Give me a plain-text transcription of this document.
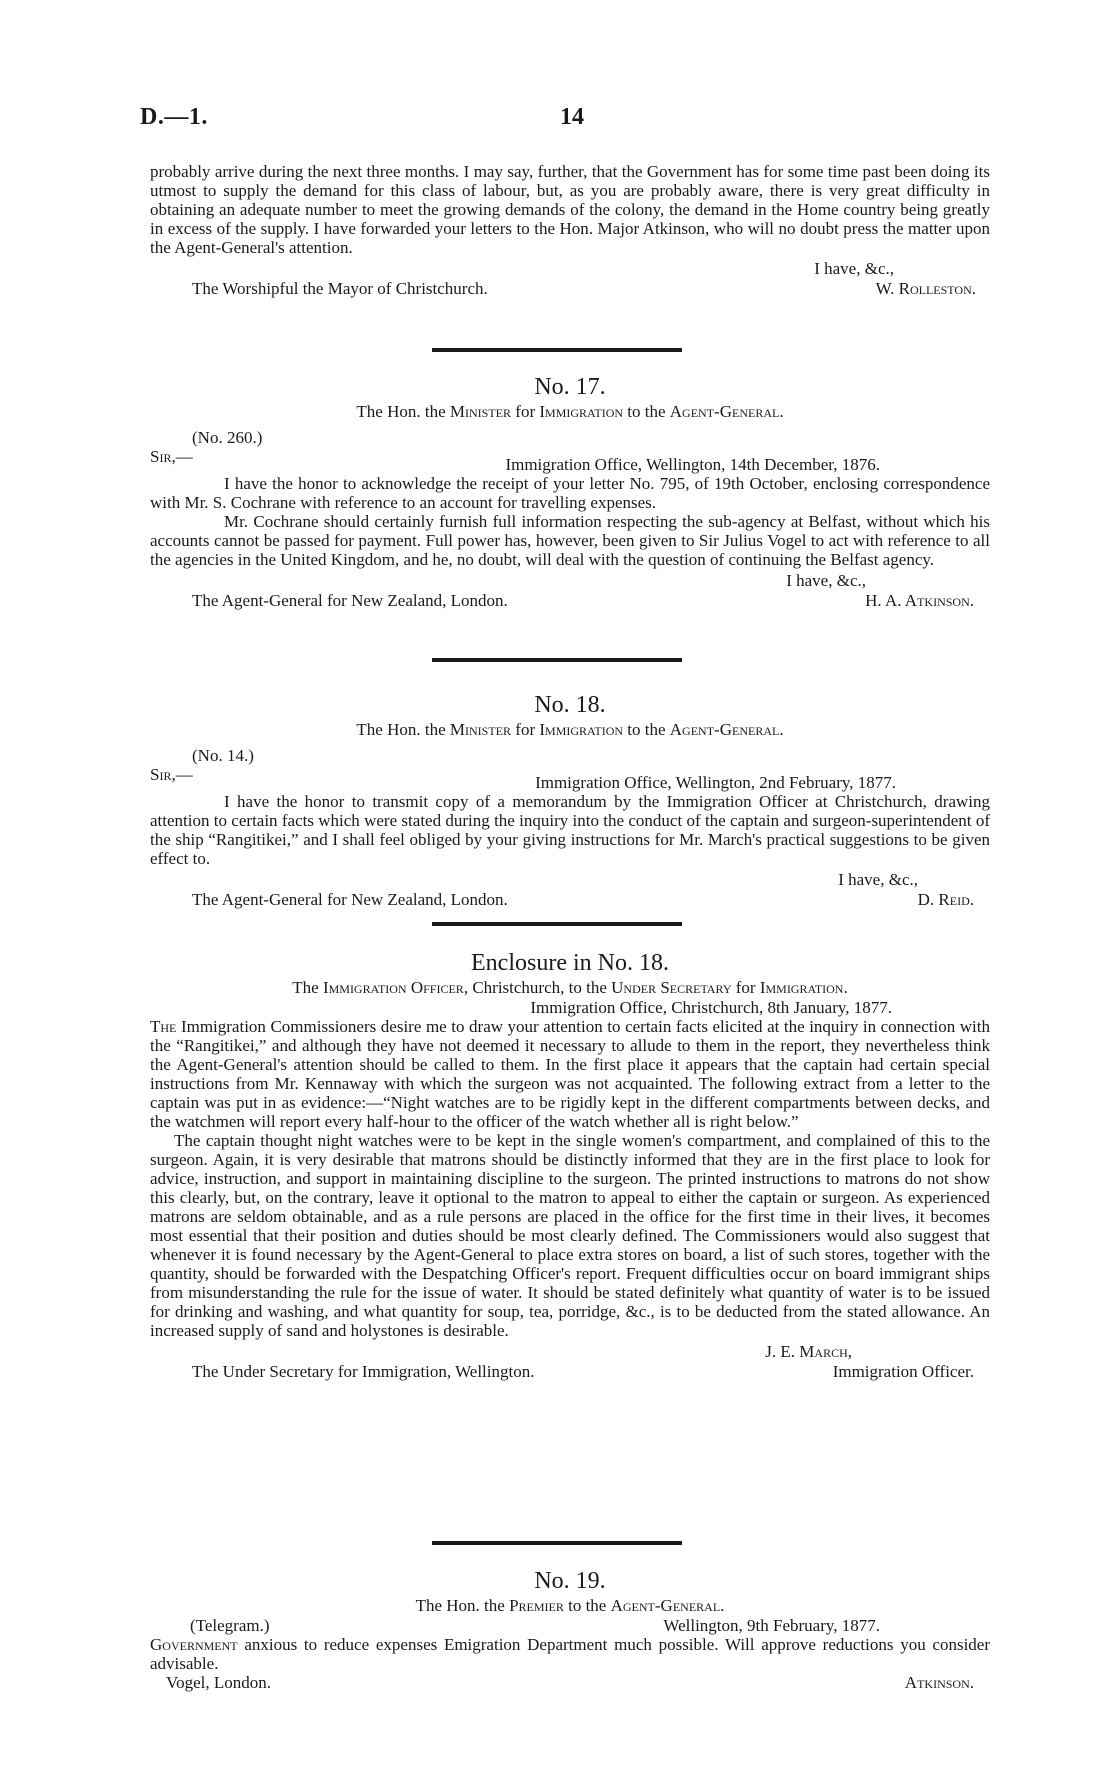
D.—1.	14

probably arrive during the next three months. I may say, further, that the Government has for some time past been doing its utmost to supply the demand for this class of labour, but, as you are probably aware, there is very great difficulty in obtaining an adequate number to meet the growing demands of the colony, the demand in the Home country being greatly in excess of the supply. I have forwarded your letters to the Hon. Major Atkinson, who will no doubt press the matter upon the Agent-General's attention.

I have, &c.,
The Worshipful the Mayor of Christchurch.	W. Rolleston.
No. 17.
The Hon. the Minister for Immigration to the Agent-General.
(No. 260.)
Sir,—	Immigration Office, Wellington, 14th December, 1876.

I have the honor to acknowledge the receipt of your letter No. 795, of 19th October, enclosing correspondence with Mr. S. Cochrane with reference to an account for travelling expenses.

Mr. Cochrane should certainly furnish full information respecting the sub-agency at Belfast, without which his accounts cannot be passed for payment. Full power has, however, been given to Sir Julius Vogel to act with reference to all the agencies in the United Kingdom, and he, no doubt, will deal with the question of continuing the Belfast agency.

I have, &c.,
The Agent-General for New Zealand, London.	H. A. Atkinson.
No. 18.
The Hon. the Minister for Immigration to the Agent-General.
(No. 14.)
Sir,—	Immigration Office, Wellington, 2nd February, 1877.

I have the honor to transmit copy of a memorandum by the Immigration Officer at Christchurch, drawing attention to certain facts which were stated during the inquiry into the conduct of the captain and surgeon-superintendent of the ship “Rangitikei,” and I shall feel obliged by your giving instructions for Mr. March's practical suggestions to be given effect to.

I have, &c.,
The Agent-General for New Zealand, London.	D. Reid.
Enclosure in No. 18.
The Immigration Officer, Christchurch, to the Under Secretary for Immigration.
Immigration Office, Christchurch, 8th January, 1877.

The Immigration Commissioners desire me to draw your attention to certain facts elicited at the inquiry in connection with the “Rangitikei,” and although they have not deemed it necessary to allude to them in the report, they nevertheless think the Agent-General's attention should be called to them. In the first place it appears that the captain had certain special instructions from Mr. Kennaway with which the surgeon was not acquainted. The following extract from a letter to the captain was put in as evidence:—“Night watches are to be rigidly kept in the different compartments between decks, and the watchmen will report every half-hour to the officer of the watch whether all is right below.”

The captain thought night watches were to be kept in the single women's compartment, and complained of this to the surgeon. Again, it is very desirable that matrons should be distinctly informed that they are in the first place to look for advice, instruction, and support in maintaining discipline to the surgeon. The printed instructions to matrons do not show this clearly, but, on the contrary, leave it optional to the matron to appeal to either the captain or surgeon. As experienced matrons are seldom obtainable, and as a rule persons are placed in the office for the first time in their lives, it becomes most essential that their position and duties should be most clearly defined. The Commissioners would also suggest that whenever it is found necessary by the Agent-General to place extra stores on board, a list of such stores, together with the quantity, should be forwarded with the Despatching Officer's report. Frequent difficulties occur on board immigrant ships from misunderstanding the rule for the issue of water. It should be stated definitely what quantity of water is to be issued for drinking and washing, and what quantity for soup, tea, porridge, &c., is to be deducted from the stated allowance. An increased supply of sand and holystones is desirable.

J. E. March,
The Under Secretary for Immigration, Wellington.	Immigration Officer.
No. 19.
The Hon. the Premier to the Agent-General.
(Telegram.)	Wellington, 9th February, 1877.

Government anxious to reduce expenses Emigration Department much possible. Will approve reductions you consider advisable.

Vogel, London.	Atkinson.
